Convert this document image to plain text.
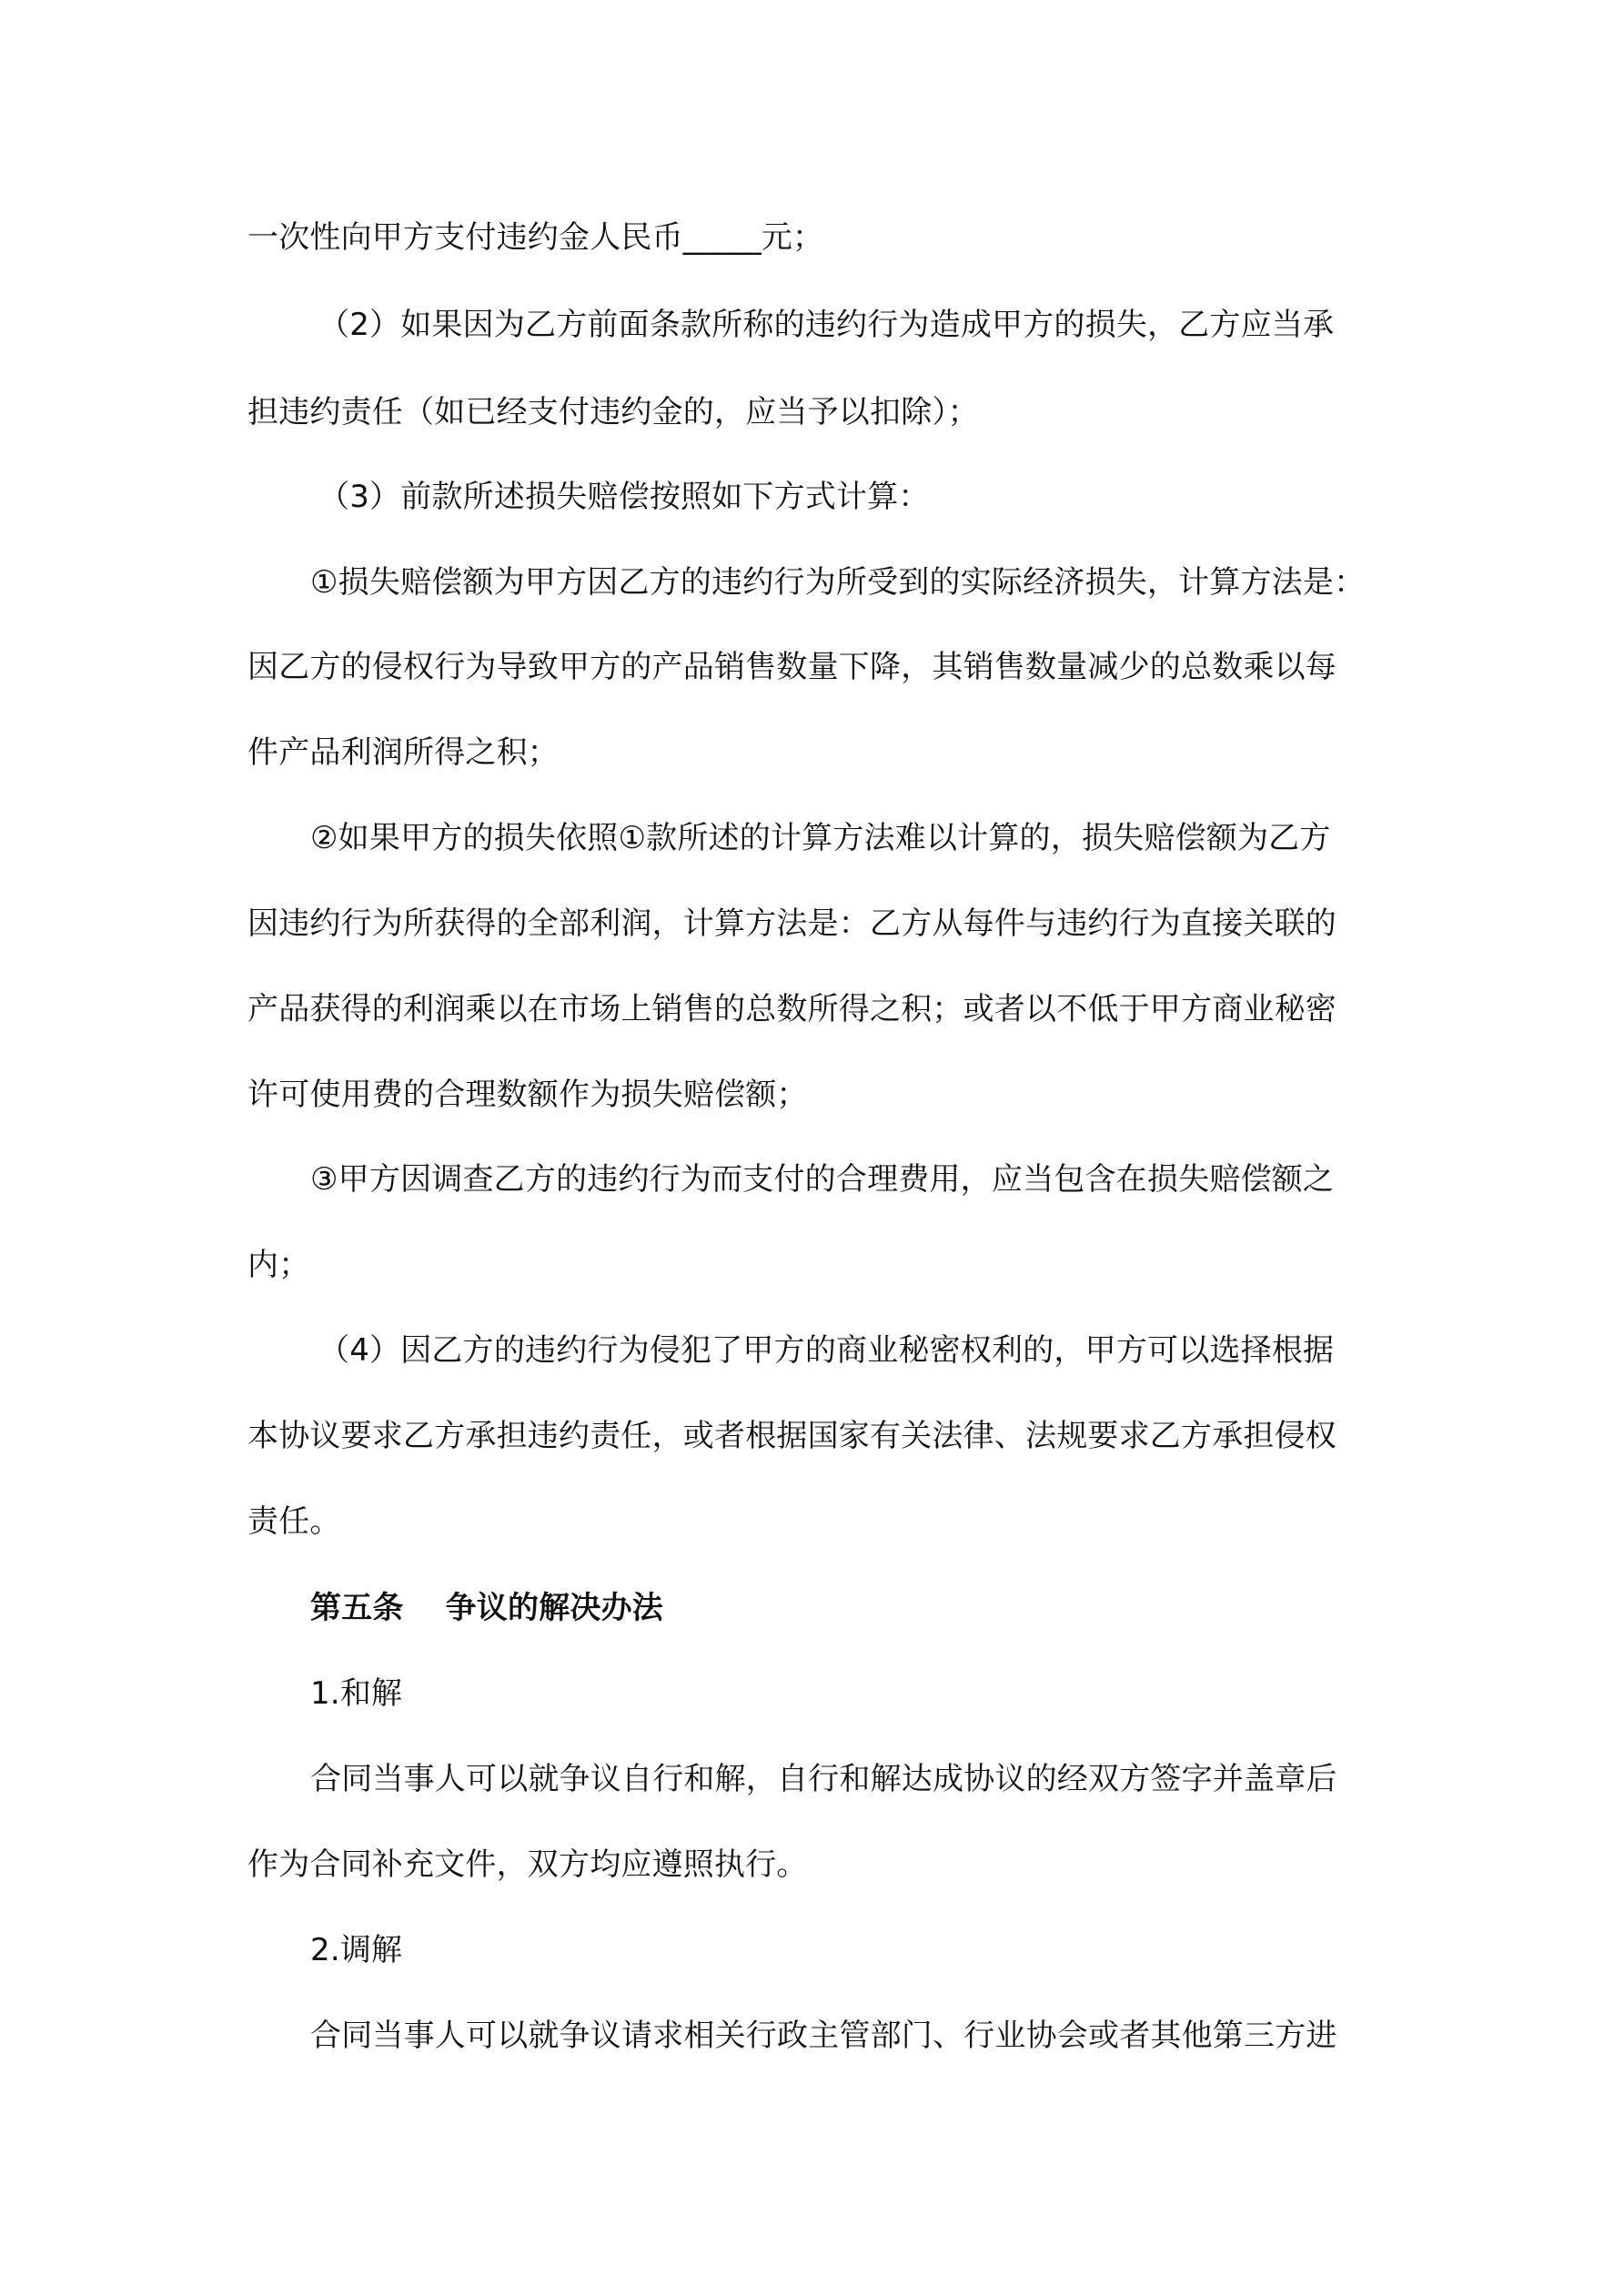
一次性向甲方支付违约金人民币_____元；
（2）如果因为乙方前面条款所称的违约行为造成甲方的损失，乙方应当承
担违约责任（如已经支付违约金的，应当予以扣除）；
（3）前款所述损失赔偿按照如下方式计算：
①损失赔偿额为甲方因乙方的违约行为所受到的实际经济损失，计算方法是：
因乙方的侵权行为导致甲方的产品销售数量下降，其销售数量减少的总数乘以每
件产品利润所得之积；
②如果甲方的损失依照①款所述的计算方法难以计算的，损失赔偿额为乙方
因违约行为所获得的全部利润，计算方法是：乙方从每件与违约行为直接关联的
产品获得的利润乘以在市场上销售的总数所得之积；或者以不低于甲方商业秘密
许可使用费的合理数额作为损失赔偿额；
③甲方因调查乙方的违约行为而支付的合理费用，应当包含在损失赔偿额之
内；
（4）因乙方的违约行为侵犯了甲方的商业秘密权利的，甲方可以选择根据
本协议要求乙方承担违约责任，或者根据国家有关法律、法规要求乙方承担侵权
责任。
第五条 争议的解决办法
1.和解
合同当事人可以就争议自行和解，自行和解达成协议的经双方签字并盖章后
作为合同补充文件，双方均应遵照执行。
2.调解
合同当事人可以就争议请求相关行政主管部门、行业协会或者其他第三方进
